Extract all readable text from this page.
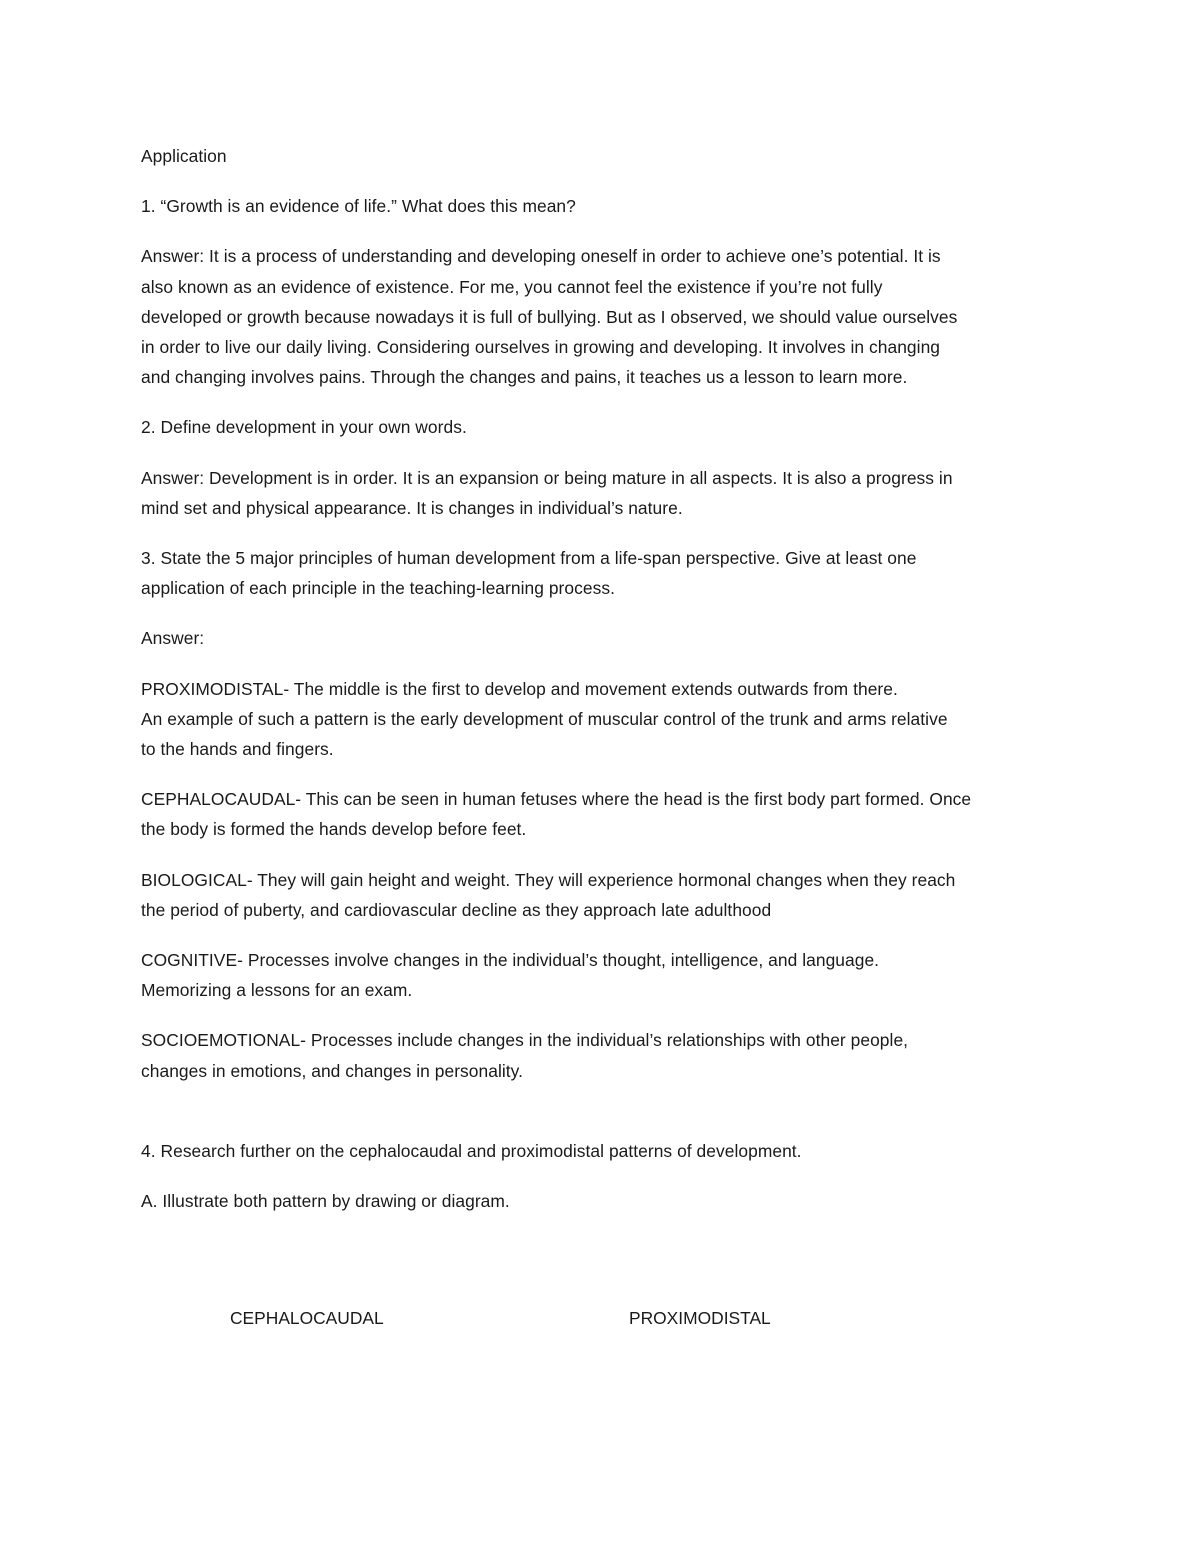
Application

1. “Growth is an evidence of life.” What does this mean?

Answer: It is a process of understanding and developing oneself in order to achieve one’s potential. It is
also known as an evidence of existence. For me, you cannot feel the existence if you’re not fully
developed or growth because nowadays it is full of bullying. But as I observed, we should value ourselves
in order to live our daily living. Considering ourselves in growing and developing. It involves in changing
and changing involves pains. Through the changes and pains, it teaches us a lesson to learn more.

2. Define development in your own words.

Answer: Development is in order. It is an expansion or being mature in all aspects. It is also a progress in
mind set and physical appearance. It is changes in individual’s nature.

3. State the 5 major principles of human development from a life-span perspective. Give at least one
application of each principle in the teaching-learning process.

Answer:

PROXIMODISTAL- The middle is the first to develop and movement extends outwards from there.
An example of such a pattern is the early development of muscular control of the trunk and arms relative
to the hands and fingers.

CEPHALOCAUDAL- This can be seen in human fetuses where the head is the first body part formed. Once
the body is formed the hands develop before feet.

BIOLOGICAL- They will gain height and weight. They will experience hormonal changes when they reach
the period of puberty, and cardiovascular decline as they approach late adulthood

COGNITIVE- Processes involve changes in the individual’s thought, intelligence, and language.
Memorizing a lessons for an exam.

SOCIOEMOTIONAL- Processes include changes in the individual’s relationships with other people,
changes in emotions, and changes in personality.

4. Research further on the cephalocaudal and proximodistal patterns of development.

A. Illustrate both pattern by drawing or diagram.

CEPHALOCAUDAL	PROXIMODISTAL
